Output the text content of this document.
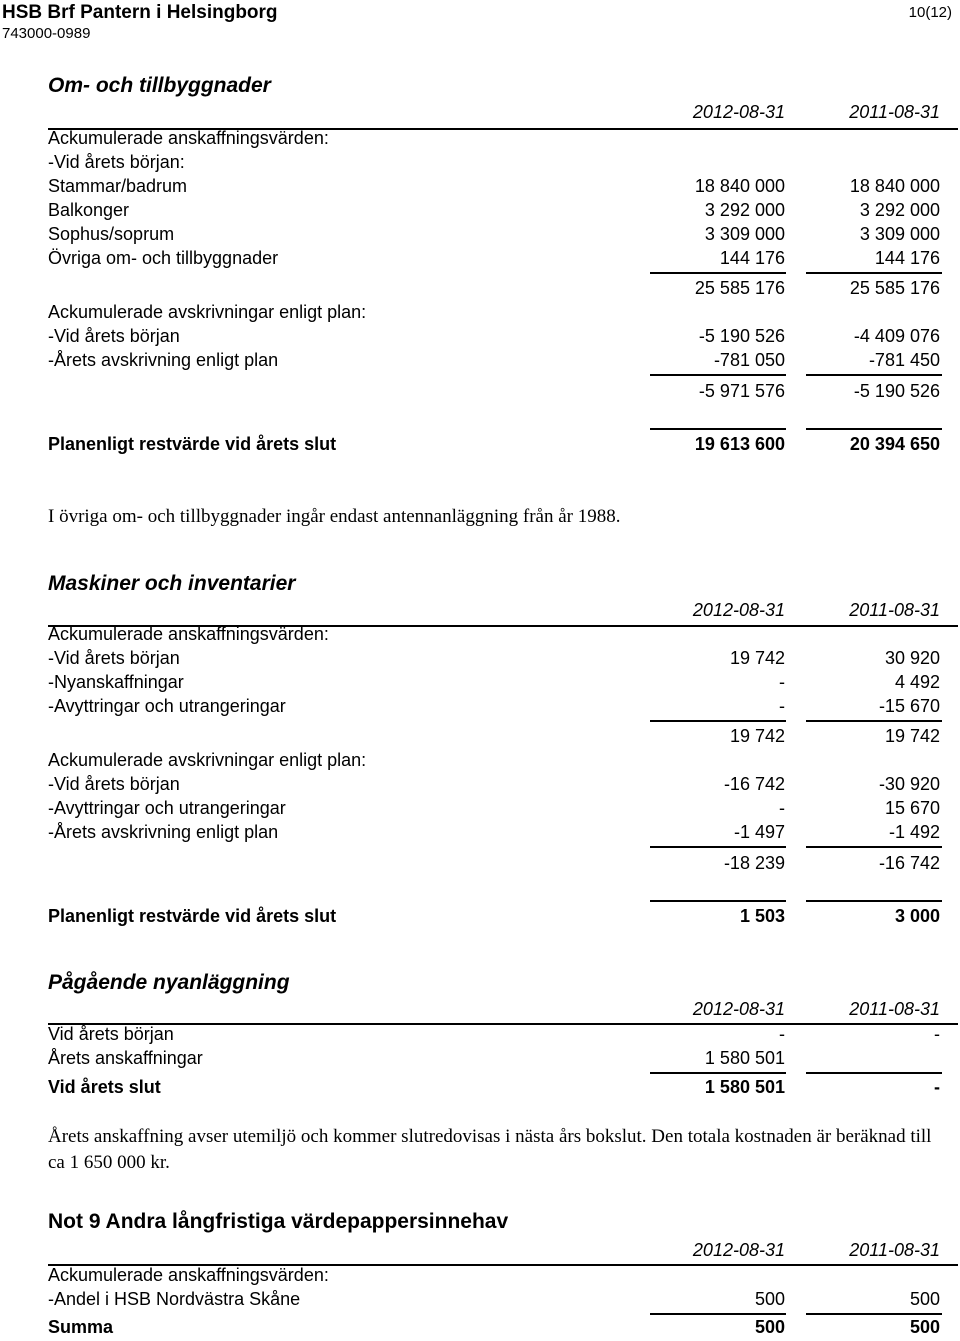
HSB Brf Pantern i Helsingborg
743000-0989
10(12)
Om- och tillbyggnader
2012-08-31	2011-08-31
Ackumulerade anskaffningsvärden:
-Vid årets början:
Stammar/badrum	18 840 000	18 840 000
Balkonger	3 292 000	3 292 000
Sophus/soprum	3 309 000	3 309 000
Övriga om- och tillbyggnader	144 176	144 176
25 585 176	25 585 176
Ackumulerade avskrivningar enligt plan:
-Vid årets början	-5 190 526	-4 409 076
-Årets avskrivning enligt plan	-781 050	-781 450
-5 971 576	-5 190 526
Planenligt restvärde vid årets slut	19 613 600	20 394 650
I övriga om- och tillbyggnader ingår endast antennanläggning från år 1988.
Maskiner och inventarier
2012-08-31	2011-08-31
Ackumulerade anskaffningsvärden:
-Vid årets början	19 742	30 920
-Nyanskaffningar	-	4 492
-Avyttringar och utrangeringar	-	-15 670
19 742	19 742
Ackumulerade avskrivningar enligt plan:
-Vid årets början	-16 742	-30 920
-Avyttringar och utrangeringar	-	15 670
-Årets avskrivning enligt plan	-1 497	-1 492
-18 239	-16 742
Planenligt restvärde vid årets slut	1 503	3 000
Pågående nyanläggning
2012-08-31	2011-08-31
Vid årets början	-	-
Årets anskaffningar	1 580 501
Vid årets slut	1 580 501	-
Årets anskaffning avser utemiljö och kommer slutredovisas i nästa års bokslut. Den totala kostnaden är beräknad till ca 1 650 000 kr.
Not 9 Andra långfristiga värdepappersinnehav
2012-08-31	2011-08-31
Ackumulerade anskaffningsvärden:
-Andel i HSB Nordvästra Skåne	500	500
Summa	500	500
